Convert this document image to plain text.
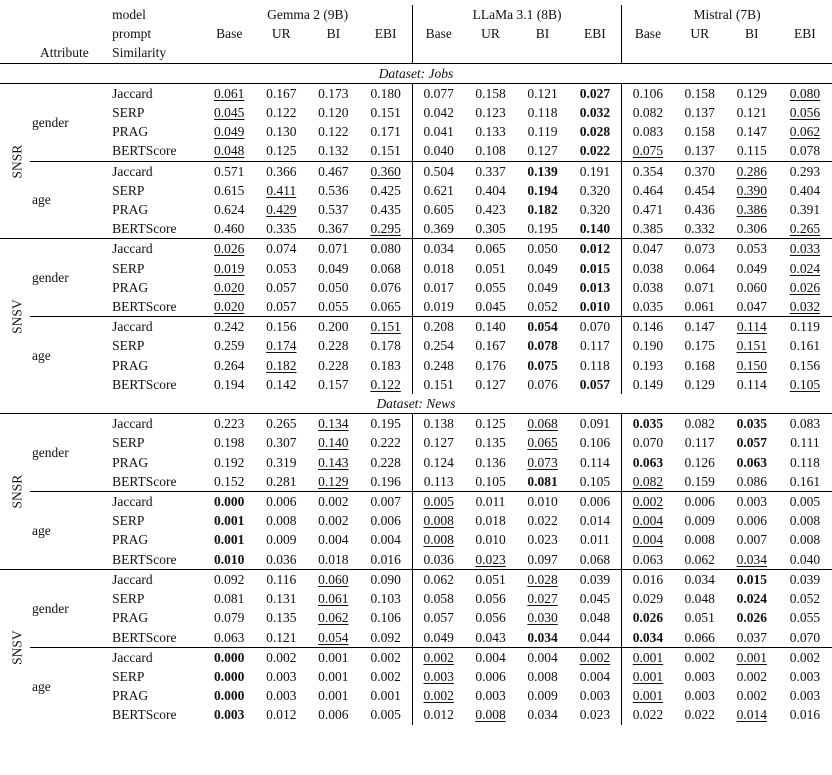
		model	Gemma 2 (9B)				LLaMa 3.1 (8B)				Mistral (7B)			
		prompt	Base	UR	BI	EBI	Base	UR	BI	EBI	Base	UR	BI	EBI
Attribute		Similarity												
Dataset: Jobs														
SNSR	gender	Jaccard	0.061	0.167	0.173	0.180	0.077	0.158	0.121	0.027	0.106	0.158	0.129	0.080
		SERP	0.045	0.122	0.120	0.151	0.042	0.123	0.118	0.032	0.082	0.137	0.121	0.056
		PRAG	0.049	0.130	0.122	0.171	0.041	0.133	0.119	0.028	0.083	0.158	0.147	0.062
		BERTScore	0.048	0.125	0.132	0.151	0.040	0.108	0.127	0.022	0.075	0.137	0.115	0.078
	age	Jaccard	0.571	0.366	0.467	0.360	0.504	0.337	0.139	0.191	0.354	0.370	0.286	0.293
		SERP	0.615	0.411	0.536	0.425	0.621	0.404	0.194	0.320	0.464	0.454	0.390	0.404
		PRAG	0.624	0.429	0.537	0.435	0.605	0.423	0.182	0.320	0.471	0.436	0.386	0.391
		BERTScore	0.460	0.335	0.367	0.295	0.369	0.305	0.195	0.140	0.385	0.332	0.306	0.265
SNSV	gender	Jaccard	0.026	0.074	0.071	0.080	0.034	0.065	0.050	0.012	0.047	0.073	0.053	0.033
		SERP	0.019	0.053	0.049	0.068	0.018	0.051	0.049	0.015	0.038	0.064	0.049	0.024
		PRAG	0.020	0.057	0.050	0.076	0.017	0.055	0.049	0.013	0.038	0.071	0.060	0.026
		BERTScore	0.020	0.057	0.055	0.065	0.019	0.045	0.052	0.010	0.035	0.061	0.047	0.032
	age	Jaccard	0.242	0.156	0.200	0.151	0.208	0.140	0.054	0.070	0.146	0.147	0.114	0.119
		SERP	0.259	0.174	0.228	0.178	0.254	0.167	0.078	0.117	0.190	0.175	0.151	0.161
		PRAG	0.264	0.182	0.228	0.183	0.248	0.176	0.075	0.118	0.193	0.168	0.150	0.156
		BERTScore	0.194	0.142	0.157	0.122	0.151	0.127	0.076	0.057	0.149	0.129	0.114	0.105
Dataset: News														
SNSR	gender	Jaccard	0.223	0.265	0.134	0.195	0.138	0.125	0.068	0.091	0.035	0.082	0.035	0.083
		SERP	0.198	0.307	0.140	0.222	0.127	0.135	0.065	0.106	0.070	0.117	0.057	0.111
		PRAG	0.192	0.319	0.143	0.228	0.124	0.136	0.073	0.114	0.063	0.126	0.063	0.118
		BERTScore	0.152	0.281	0.129	0.196	0.113	0.105	0.081	0.105	0.082	0.159	0.086	0.161
	age	Jaccard	0.000	0.006	0.002	0.007	0.005	0.011	0.010	0.006	0.002	0.006	0.003	0.005
		SERP	0.001	0.008	0.002	0.006	0.008	0.018	0.022	0.014	0.004	0.009	0.006	0.008
		PRAG	0.001	0.009	0.004	0.004	0.008	0.010	0.023	0.011	0.004	0.008	0.007	0.008
		BERTScore	0.010	0.036	0.018	0.016	0.036	0.023	0.097	0.068	0.063	0.062	0.034	0.040
SNSV	gender	Jaccard	0.092	0.116	0.060	0.090	0.062	0.051	0.028	0.039	0.016	0.034	0.015	0.039
		SERP	0.081	0.131	0.061	0.103	0.058	0.056	0.027	0.045	0.029	0.048	0.024	0.052
		PRAG	0.079	0.135	0.062	0.106	0.057	0.056	0.030	0.048	0.026	0.051	0.026	0.055
		BERTScore	0.063	0.121	0.054	0.092	0.049	0.043	0.034	0.044	0.034	0.066	0.037	0.070
	age	Jaccard	0.000	0.002	0.001	0.002	0.002	0.004	0.004	0.002	0.001	0.002	0.001	0.002
		SERP	0.000	0.003	0.001	0.002	0.003	0.006	0.008	0.004	0.001	0.003	0.002	0.003
		PRAG	0.000	0.003	0.001	0.001	0.002	0.003	0.009	0.003	0.001	0.003	0.002	0.003
		BERTScore	0.003	0.012	0.006	0.005	0.012	0.008	0.034	0.023	0.022	0.022	0.014	0.016
